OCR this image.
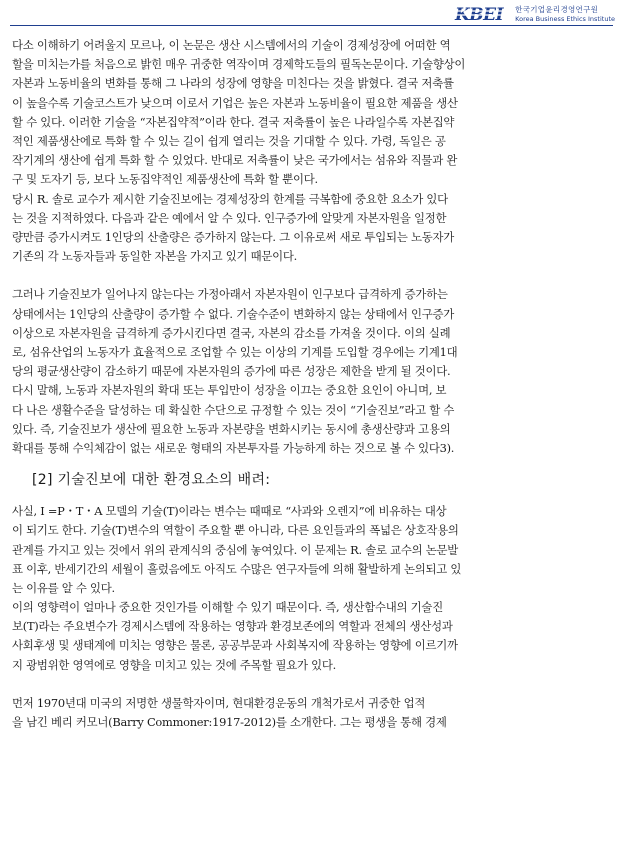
KBEI 한국기업윤리경영연구원
Korea Business Ethics Institute
다소 이해하기 어려울지 모르나, 이 논문은 생산 시스템에서의 기술이 경제성장에 어떠한 역
할을 미치는가를 처음으로 밝힌 매우 귀중한 역작이며 경제학도들의 필독논문이다. 기술향상이
자본과 노동비율의 변화를 통해 그 나라의 성장에 영향을 미친다는 것을 밝혔다. 결국 저축률
이 높을수록 기술코스트가 낮으며 이로서 기업은 높은 자본과 노동비율이 필요한 제품을 생산
할 수 있다. 이러한 기술을 “자본집약적”이라 한다. 결국 저축률이 높은 나라일수록 자본집약
적인 제품생산에로 특화 할 수 있는 길이 쉽게 열리는 것을 기대할 수 있다. 가령, 독일은 공
작기계의 생산에 쉽게 특화 할 수 있었다. 반대로 저축률이 낮은 국가에서는 섬유와 직물과 완
구 및 도자기 등, 보다 노동집약적인 제품생산에 특화 할 뿐이다.
당시 R. 솔로 교수가 제시한 기술진보에는 경제성장의 한계를 극복함에 중요한 요소가 있다
는 것을 지적하였다. 다음과 같은 예에서 알 수 있다. 인구증가에 알맞게 자본자원을 일정한
량만큼 증가시켜도 1인당의 산출량은 증가하지 않는다. 그 이유로써 새로 투입되는 노동자가
기존의 각 노동자들과 동일한 자본을 가지고 있기 때문이다.
그러나 기술진보가 일어나지 않는다는 가정아래서 자본자원이 인구보다 급격하게 증가하는
상태에서는 1인당의 산출량이 증가할 수 없다. 기술수준이 변화하지 않는 상태에서 인구증가
이상으로 자본자원을 급격하게 증가시킨다면 결국, 자본의 감소를 가져올 것이다. 이의 실례
로, 섬유산업의 노동자가 효율적으로 조업할 수 있는 이상의 기계를 도입할 경우에는 기계1대
당의 평균생산량이 감소하기 때문에 자본자원의 증가에 따른 성장은 제한을 받게 될 것이다.
다시 말해, 노동과 자본자원의 확대 또는 투입만이 성장을 이끄는 중요한 요인이 아니며, 보
다 나은 생활수준을 달성하는 데 확실한 수단으로 규정할 수 있는 것이 “기술진보”라고 할 수
있다. 즉, 기술진보가 생산에 필요한 노동과 자본량을 변화시키는 동시에 총생산량과 고용의
확대를 통해 수익체감이 없는 새로운 형태의 자본투자를 가능하게 하는 것으로 볼 수 있다3).
[2] 기술진보에 대한 환경요소의 배려:
사실, I =P・T・A 모델의 기술(T)이라는 변수는 때때로 “사과와 오렌지”에 비유하는 대상
이 되기도 한다. 기술(T)변수의 역할이 주요할 뿐 아니라, 다른 요인들과의 폭넓은 상호작용의
관계를 가지고 있는 것에서 위의 관계식의 중심에 놓여있다. 이 문제는 R. 솔로 교수의 논문발
표 이후, 반세기간의 세월이 흘렀음에도 아직도 수많은 연구자들에 의해 활발하게 논의되고 있
는 이유를 알 수 있다.
이의 영향력이 얼마나 중요한 것인가를 이해할 수 있기 때문이다. 즉, 생산함수내의 기술진
보(T)라는 주요변수가 경제시스템에 작용하는 영향과 환경보존에의 역할과 전체의 생산성과
사회후생 및 생태계에 미치는 영향은 물론, 공공부문과 사회복지에 작용하는 영향에 이르기까
지 광범위한 영역에로 영향을 미치고 있는 것에 주목할 필요가 있다.
먼저 1970년대 미국의 저명한 생물학자이며, 현대환경운동의 개척가로서 귀중한 업적
을 남긴 베리 커모너(Barry Commoner:1917-2012)를 소개한다. 그는 평생을 통해 경제
